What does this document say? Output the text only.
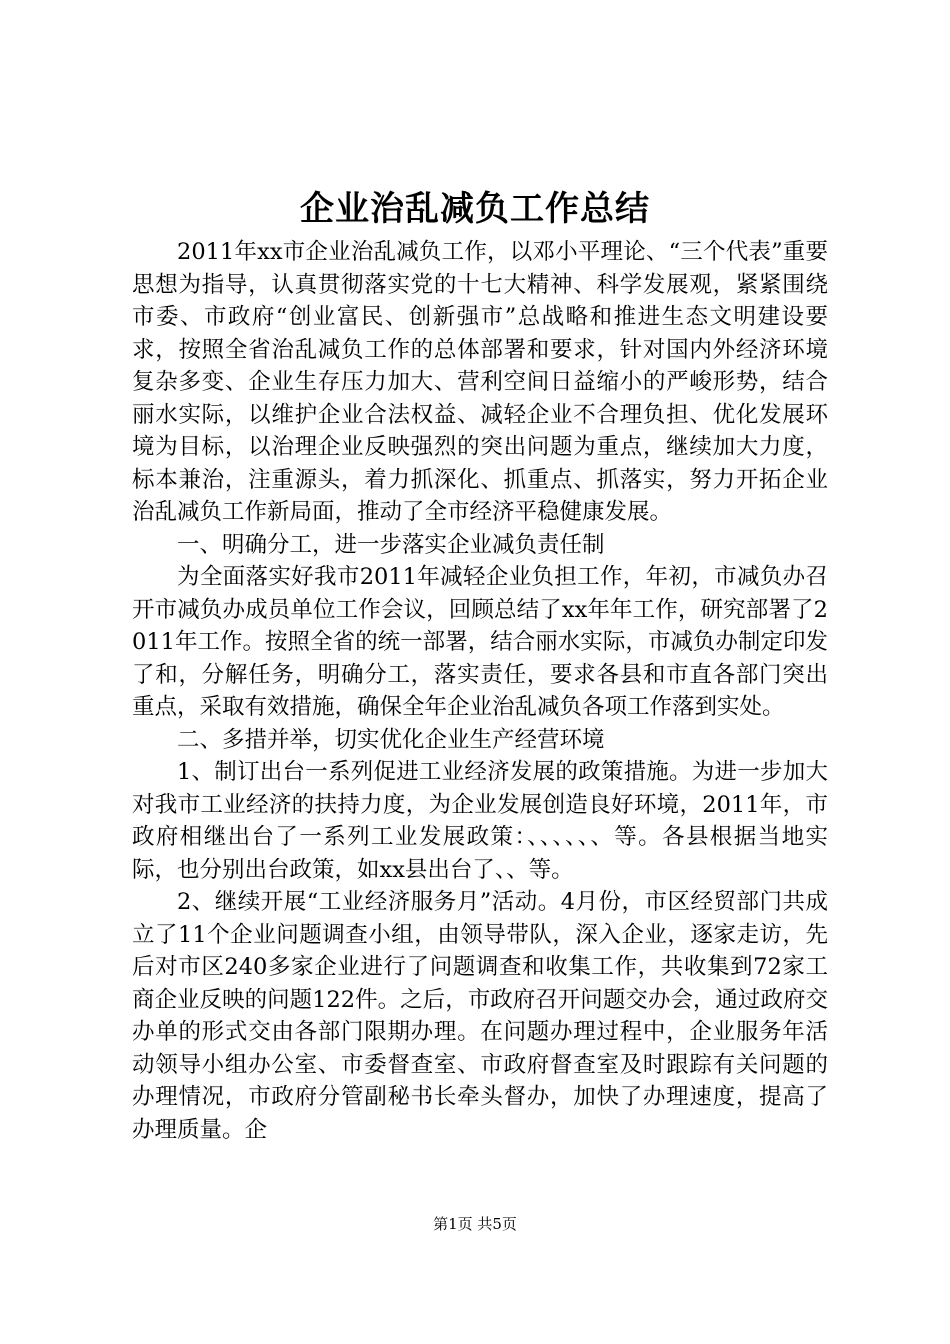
企业治乱减负工作总结

2011年xx市企业治乱减负工作，以邓小平理论、“三个代表”重要思想为指导，认真贯彻落实党的十七大精神、科学发展观，紧紧围绕市委、市政府“创业富民、创新强市”总战略和推进生态文明建设要求，按照全省治乱减负工作的总体部署和要求，针对国内外经济环境复杂多变、企业生存压力加大、营利空间日益缩小的严峻形势，结合丽水实际，以维护企业合法权益、减轻企业不合理负担、优化发展环境为目标，以治理企业反映强烈的突出问题为重点，继续加大力度，标本兼治，注重源头，着力抓深化、抓重点、抓落实，努力开拓企业治乱减负工作新局面，推动了全市经济平稳健康发展。

一、明确分工，进一步落实企业减负责任制

为全面落实好我市2011年减轻企业负担工作，年初，市减负办召开市减负办成员单位工作会议，回顾总结了xx年年工作，研究部署了2011年工作。按照全省的统一部署，结合丽水实际，市减负办制定印发了和，分解任务，明确分工，落实责任，要求各县和市直各部门突出重点，采取有效措施，确保全年企业治乱减负各项工作落到实处。

二、多措并举，切实优化企业生产经营环境

1、制订出台一系列促进工业经济发展的政策措施。为进一步加大对我市工业经济的扶持力度，为企业发展创造良好环境，2011年，市政府相继出台了一系列工业发展政策：、、、、、、等。各县根据当地实际，也分别出台政策，如xx县出台了、、等。

2、继续开展“工业经济服务月”活动。4月份，市区经贸部门共成立了11个企业问题调查小组，由领导带队，深入企业，逐家走访，先后对市区240多家企业进行了问题调查和收集工作，共收集到72家工商企业反映的问题122件。之后，市政府召开问题交办会，通过政府交办单的形式交由各部门限期办理。在问题办理过程中，企业服务年活动领导小组办公室、市委督查室、市政府督查室及时跟踪有关问题的办理情况，市政府分管副秘书长牵头督办，加快了办理速度，提高了办理质量。企

第1页 共5页
